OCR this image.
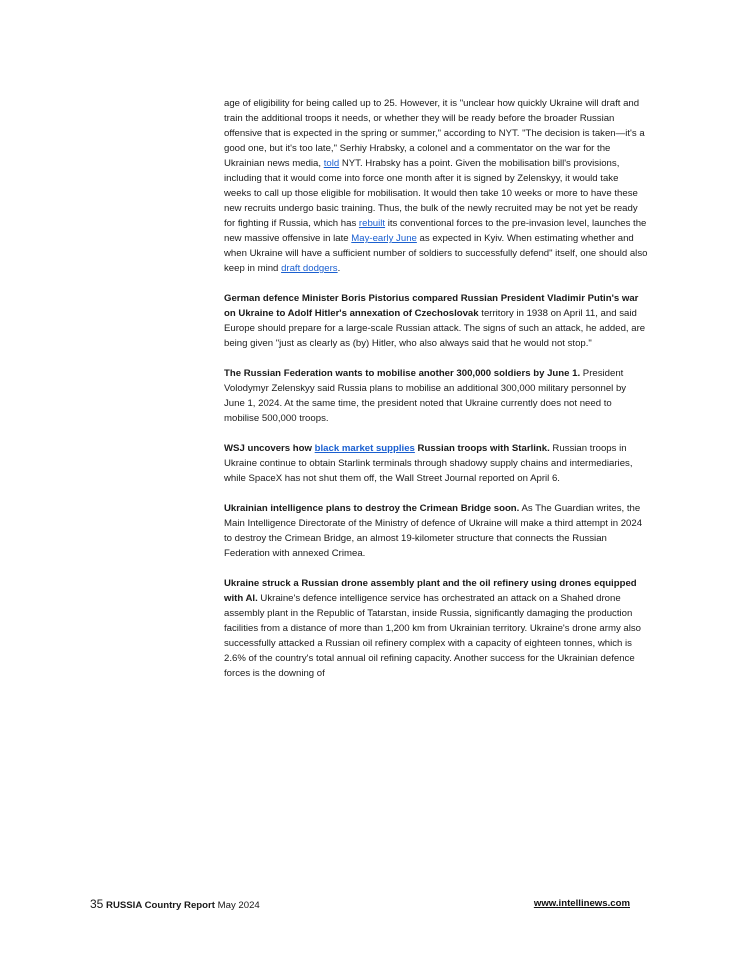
age of eligibility for being called up to 25. However, it is "unclear how quickly Ukraine will draft and train the additional troops it needs, or whether they will be ready before the broader Russian offensive that is expected in the spring or summer," according to NYT. "The decision is taken—it's a good one, but it's too late," Serhiy Hrabsky, a colonel and a commentator on the war for the Ukrainian news media, told NYT. Hrabsky has a point. Given the mobilisation bill's provisions, including that it would come into force one month after it is signed by Zelenskyy, it would take weeks to call up those eligible for mobilisation. It would then take 10 weeks or more to have these new recruits undergo basic training. Thus, the bulk of the newly recruited may be not yet be ready for fighting if Russia, which has rebuilt its conventional forces to the pre-invasion level, launches the new massive offensive in late May-early June as expected in Kyiv. When estimating whether and when Ukraine will have a sufficient number of soldiers to successfully defend" itself, one should also keep in mind draft dodgers.

German defence Minister Boris Pistorius compared Russian President Vladimir Putin's war on Ukraine to Adolf Hitler's annexation of Czechoslovak territory in 1938 on April 11, and said Europe should prepare for a large-scale Russian attack. The signs of such an attack, he added, are being given "just as clearly as (by) Hitler, who also always said that he would not stop."

The Russian Federation wants to mobilise another 300,000 soldiers by June 1. President Volodymyr Zelenskyy said Russia plans to mobilise an additional 300,000 military personnel by June 1, 2024. At the same time, the president noted that Ukraine currently does not need to mobilise 500,000 troops.

WSJ uncovers how black market supplies Russian troops with Starlink. Russian troops in Ukraine continue to obtain Starlink terminals through shadowy supply chains and intermediaries, while SpaceX has not shut them off, the Wall Street Journal reported on April 6.

Ukrainian intelligence plans to destroy the Crimean Bridge soon. As The Guardian writes, the Main Intelligence Directorate of the Ministry of defence of Ukraine will make a third attempt in 2024 to destroy the Crimean Bridge, an almost 19-kilometer structure that connects the Russian Federation with annexed Crimea.

Ukraine struck a Russian drone assembly plant and the oil refinery using drones equipped with AI. Ukraine's defence intelligence service has orchestrated an attack on a Shahed drone assembly plant in the Republic of Tatarstan, inside Russia, significantly damaging the production facilities from a distance of more than 1,200 km from Ukrainian territory. Ukraine's drone army also successfully attacked a Russian oil refinery complex with a capacity of eighteen tonnes, which is 2.6% of the country's total annual oil refining capacity. Another success for the Ukrainian defence forces is the downing of

35 RUSSIA Country Report May 2024	www.intellinews.com
